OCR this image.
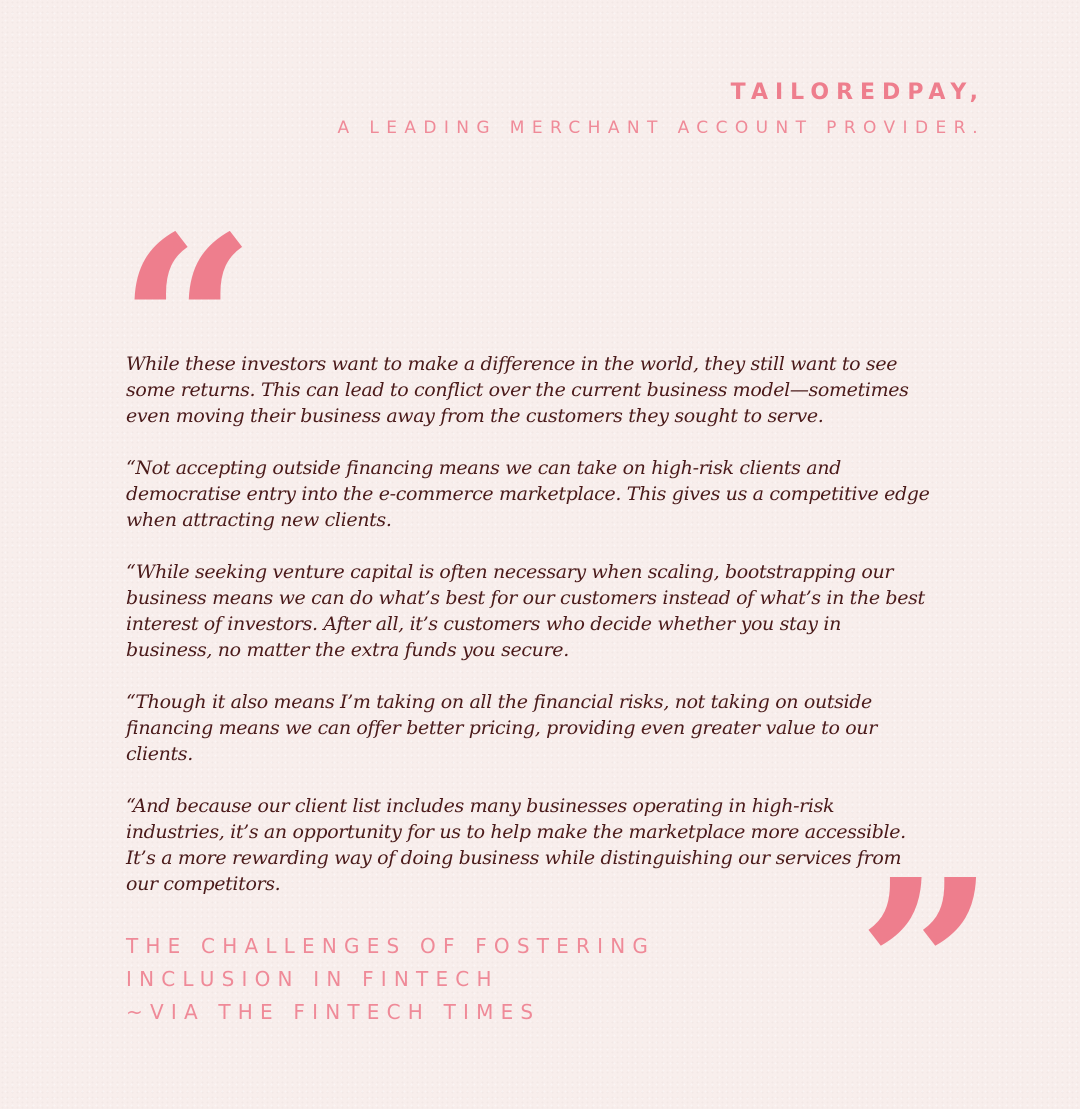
TAILOREDPAY,
A LEADING MERCHANT ACCOUNT PROVIDER.
“

While these investors want to make a difference in the world, they still want to see
some returns. This can lead to conflict over the current business model—sometimes
even moving their business away from the customers they sought to serve.

“Not accepting outside financing means we can take on high-risk clients and
democratise entry into the e-commerce marketplace. This gives us a competitive edge
when attracting new clients.

“While seeking venture capital is often necessary when scaling, bootstrapping our
business means we can do what’s best for our customers instead of what’s in the best
interest of investors. After all, it’s customers who decide whether you stay in
business, no matter the extra funds you secure.

“Though it also means I’m taking on all the financial risks, not taking on outside
financing means we can offer better pricing, providing even greater value to our
clients.

“And because our client list includes many businesses operating in high-risk
industries, it’s an opportunity for us to help make the marketplace more accessible.
It’s a more rewarding way of doing business while distinguishing our services from
our competitors.	”
THE CHALLENGES OF FOSTERING
INCLUSION IN FINTECH
~VIA THE FINTECH TIMES
